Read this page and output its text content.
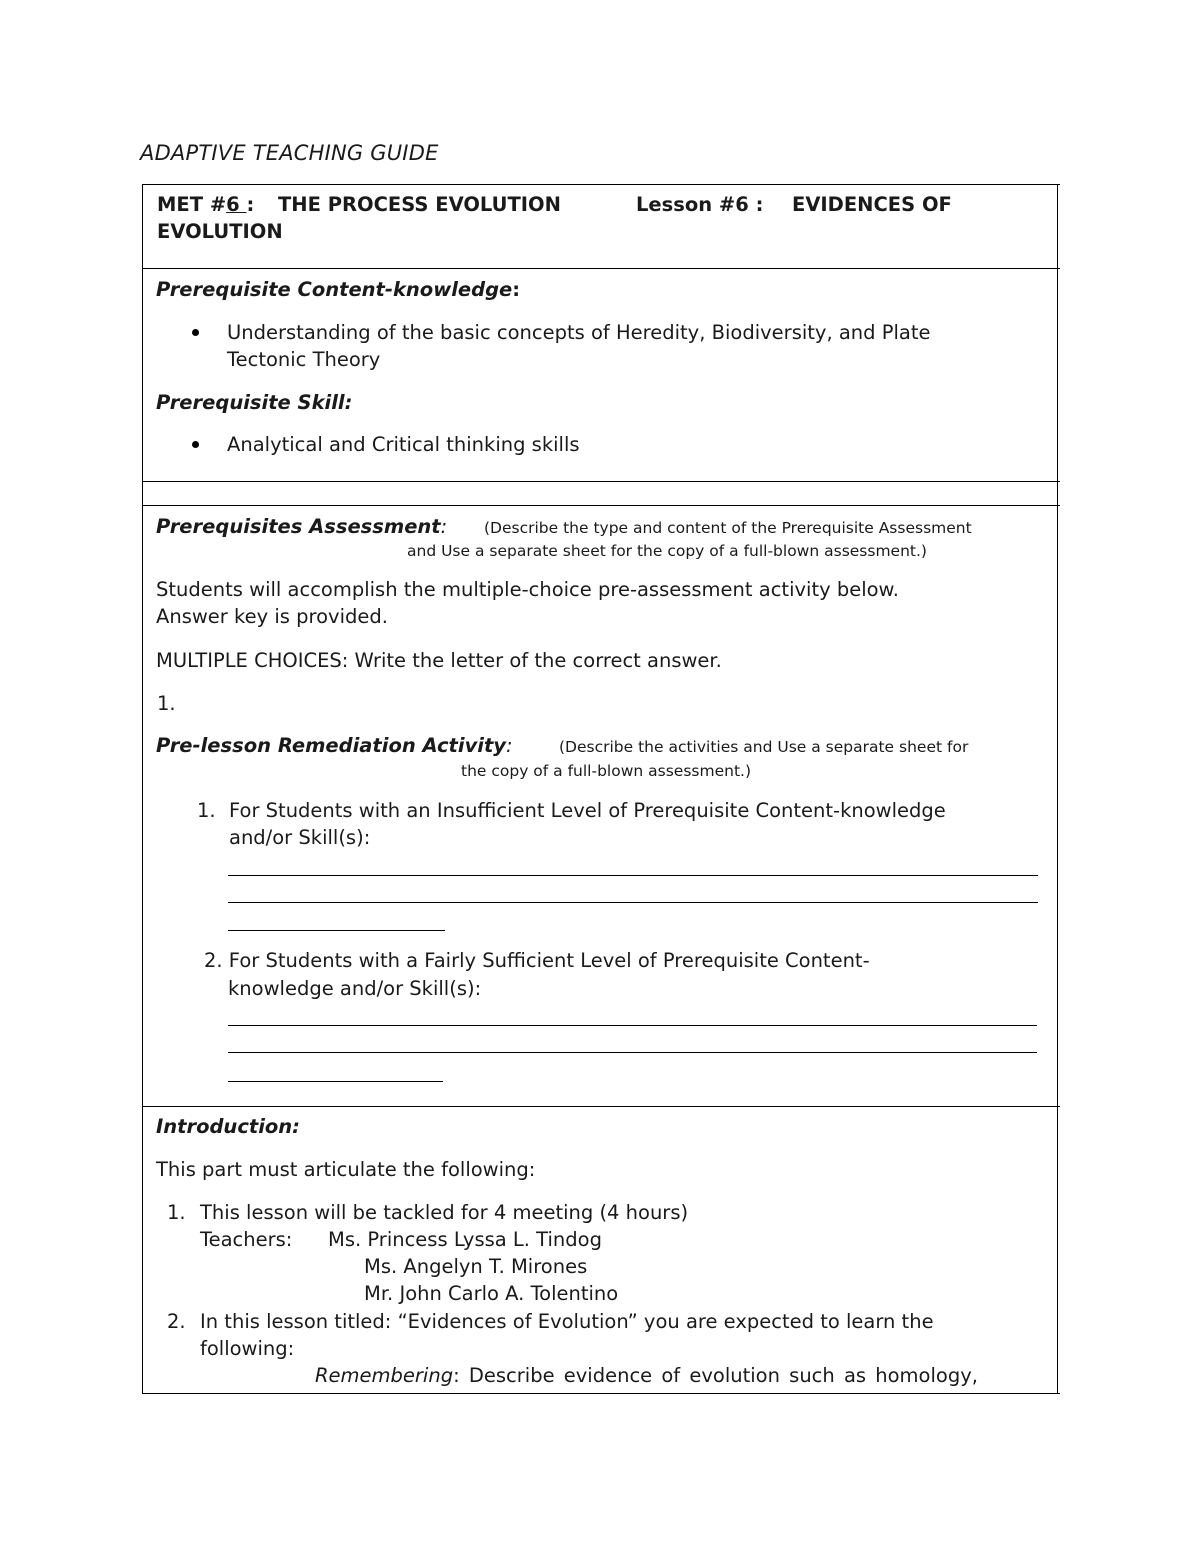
ADAPTIVE TEACHING GUIDE
MET #6 : THE PROCESS EVOLUTION	Lesson #6 : EVIDENCES OF
EVOLUTION
Prerequisite Content-knowledge:
Understanding of the basic concepts of Heredity, Biodiversity, and Plate
Tectonic Theory
Prerequisite Skill:
Analytical and Critical thinking skills
Prerequisites Assessment: (Describe the type and content of the Prerequisite Assessment
and Use a separate sheet for the copy of a full-blown assessment.)
Students will accomplish the multiple-choice pre-assessment activity below.
Answer key is provided.
MULTIPLE CHOICES: Write the letter of the correct answer.
1.
Pre-lesson Remediation Activity:	(Describe the activities and Use a separate sheet for
the copy of a full-blown assessment.)
1. For Students with an Insufficient Level of Prerequisite Content-knowledge
and/or Skill(s):
2. For Students with a Fairly Sufficient Level of Prerequisite Content-
knowledge and/or Skill(s):
Introduction:
This part must articulate the following:
1. This lesson will be tackled for 4 meeting (4 hours)
Teachers: Ms. Princess Lyssa L. Tindog
Ms. Angelyn T. Mirones
Mr. John Carlo A. Tolentino
2. In this lesson titled: “Evidences of Evolution” you are expected to learn the
following:
Remembering: Describe evidence of evolution such as homology,
